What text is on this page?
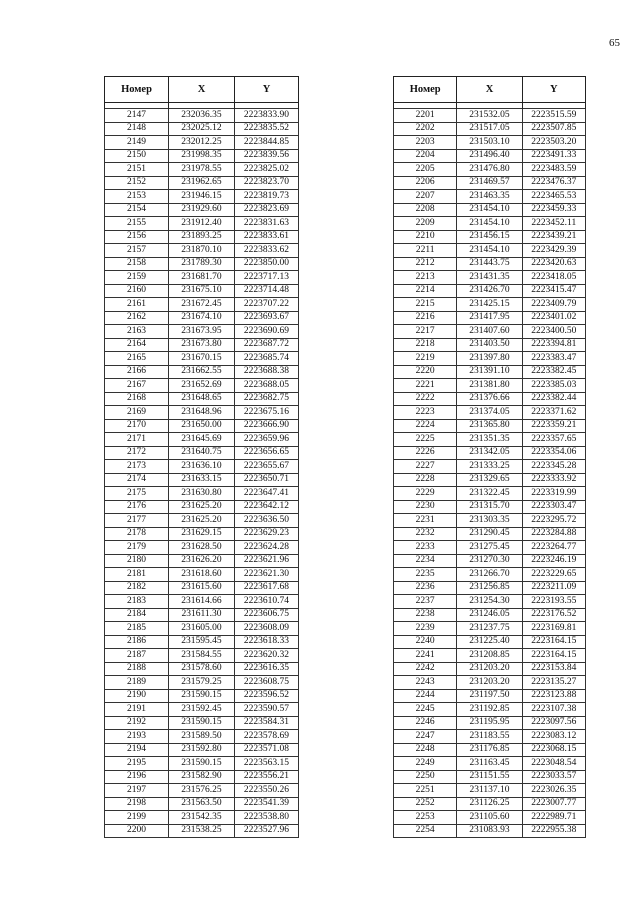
65
Номер	X	Y

2147	232036.35	2223833.90
2148	232025.12	2223835.52
2149	232012.25	2223844.85
2150	231998.35	2223839.56
2151	231978.55	2223825.02
2152	231962.65	2223823.70
2153	231946.15	2223819.73
2154	231929.60	2223823.69
2155	231912.40	2223831.63
2156	231893.25	2223833.61
2157	231870.10	2223833.62
2158	231789.30	2223850.00
2159	231681.70	2223717.13
2160	231675.10	2223714.48
2161	231672.45	2223707.22
2162	231674.10	2223693.67
2163	231673.95	2223690.69
2164	231673.80	2223687.72
2165	231670.15	2223685.74
2166	231662.55	2223688.38
2167	231652.69	2223688.05
2168	231648.65	2223682.75
2169	231648.96	2223675.16
2170	231650.00	2223666.90
2171	231645.69	2223659.96
2172	231640.75	2223656.65
2173	231636.10	2223655.67
2174	231633.15	2223650.71
2175	231630.80	2223647.41
2176	231625.20	2223642.12
2177	231625.20	2223636.50
2178	231629.15	2223629.23
2179	231628.50	2223624.28
2180	231626.20	2223621.96
2181	231618.60	2223621.30
2182	231615.60	2223617.68
2183	231614.66	2223610.74
2184	231611.30	2223606.75
2185	231605.00	2223608.09
2186	231595.45	2223618.33
2187	231584.55	2223620.32
2188	231578.60	2223616.35
2189	231579.25	2223608.75
2190	231590.15	2223596.52
2191	231592.45	2223590.57
2192	231590.15	2223584.31
2193	231589.50	2223578.69
2194	231592.80	2223571.08
2195	231590.15	2223563.15
2196	231582.90	2223556.21
2197	231576.25	2223550.26
2198	231563.50	2223541.39
2199	231542.35	2223538.80
2200	231538.25	2223527.96
Номер	X	Y

2201	231532.05	2223515.59
2202	231517.05	2223507.85
2203	231503.10	2223503.20
2204	231496.40	2223491.33
2205	231476.80	2223483.59
2206	231469.57	2223476.37
2207	231463.35	2223465.53
2208	231454.10	2223459.33
2209	231454.10	2223452.11
2210	231456.15	2223439.21
2211	231454.10	2223429.39
2212	231443.75	2223420.63
2213	231431.35	2223418.05
2214	231426.70	2223415.47
2215	231425.15	2223409.79
2216	231417.95	2223401.02
2217	231407.60	2223400.50
2218	231403.50	2223394.81
2219	231397.80	2223383.47
2220	231391.10	2223382.45
2221	231381.80	2223385.03
2222	231376.66	2223382.44
2223	231374.05	2223371.62
2224	231365.80	2223359.21
2225	231351.35	2223357.65
2226	231342.05	2223354.06
2227	231333.25	2223345.28
2228	231329.65	2223333.92
2229	231322.45	2223319.99
2230	231315.70	2223303.47
2231	231303.35	2223295.72
2232	231290.45	2223284.88
2233	231275.45	2223264.77
2234	231270.30	2223246.19
2235	231266.70	2223229.65
2236	231256.85	2223211.09
2237	231254.30	2223193.55
2238	231246.05	2223176.52
2239	231237.75	2223169.81
2240	231225.40	2223164.15
2241	231208.85	2223164.15
2242	231203.20	2223153.84
2243	231203.20	2223135.27
2244	231197.50	2223123.88
2245	231192.85	2223107.38
2246	231195.95	2223097.56
2247	231183.55	2223083.12
2248	231176.85	2223068.15
2249	231163.45	2223048.54
2250	231151.55	2223033.57
2251	231137.10	2223026.35
2252	231126.25	2223007.77
2253	231105.60	2222989.71
2254	231083.93	2222955.38
